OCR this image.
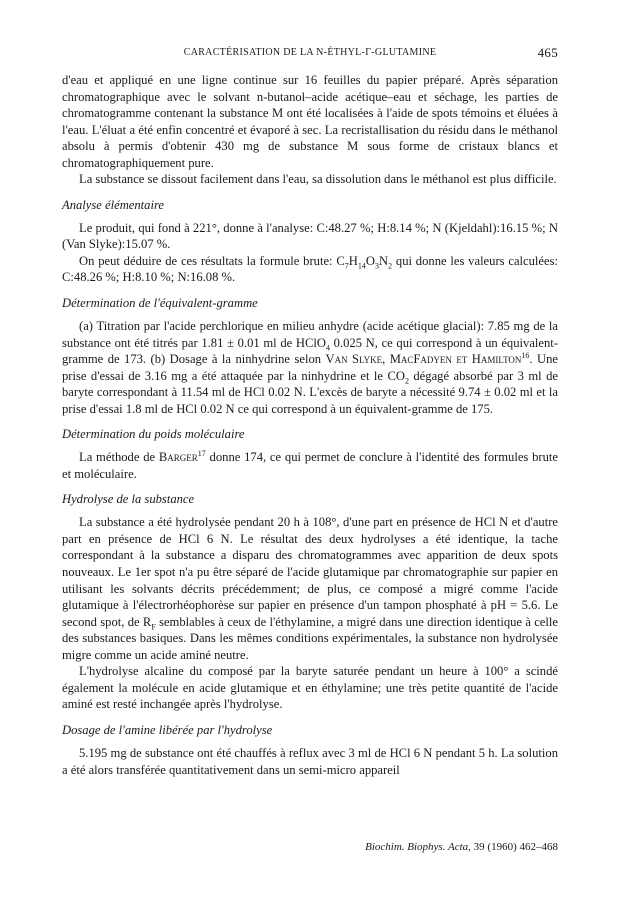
CARACTÉRISATION DE LA N-ÉTHYL-Γ-GLUTAMINE	465

d'eau et appliqué en une ligne continue sur 16 feuilles du papier préparé. Après séparation chromatographique avec le solvant n-butanol–acide acétique–eau et séchage, les parties de chromatogramme contenant la substance M ont été localisées à l'aide de spots témoins et éluées à l'eau. L'éluat a été enfin concentré et évaporé à sec. La recristallisation du résidu dans le méthanol absolu à permis d'obtenir 430 mg de substance M sous forme de cristaux blancs et chromatographiquement pure.

La substance se dissout facilement dans l'eau, sa dissolution dans le méthanol est plus difficile.

Analyse élémentaire

Le produit, qui fond à 221°, donne à l'analyse: C:48.27 %; H:8.14 %; N (Kjeldahl):16.15 %; N (Van Slyke):15.07 %.

On peut déduire de ces résultats la formule brute: $C_7H_{14}O_3N_2$ qui donne les valeurs calculées: C:48.26 %; H:8.10 %; N:16.08 %.

Détermination de l'équivalent-gramme

(a) Titration par l'acide perchlorique en milieu anhydre (acide acétique glacial): 7.85 mg de la substance ont été titrés par 1.81 ± 0.01 ml de HClO$_4$ 0.025 N, ce qui correspond à un équivalent-gramme de 173. (b) Dosage à la ninhydrine selon Van Slyke, MacFadyen et Hamilton$^{16}$. Une prise d'essai de 3.16 mg a été attaquée par la ninhydrine et le $CO_2$ dégagé absorbé par 3 ml de baryte correspondant à 11.54 ml de HCl 0.02 N. L'excès de baryte a nécessité 9.74 ± 0.02 ml et la prise d'essai 1.8 ml de HCl 0.02 N ce qui correspond à un équivalent-gramme de 175.

Détermination du poids moléculaire

La méthode de Barger$^{17}$ donne 174, ce qui permet de conclure à l'identité des formules brute et moléculaire.

Hydrolyse de la substance

La substance a été hydrolysée pendant 20 h à 108°, d'une part en présence de HCl N et d'autre part en présence de HCl 6 N. Le résultat des deux hydrolyses a été identique, la tache correspondant à la substance a disparu des chromatogrammes avec apparition de deux spots nouveaux. Le 1er spot n'a pu être séparé de l'acide glutamique par chromatographie sur papier en utilisant les solvants décrits précédemment; de plus, ce composé a migré comme l'acide glutamique à l'électrorhéophorèse sur papier en présence d'un tampon phosphaté à pH = 5.6. Le second spot, de $R_F$ semblables à ceux de l'éthylamine, a migré dans une direction identique à celle des substances basiques. Dans les mêmes conditions expérimentales, la substance non hydrolysée migre comme un acide aminé neutre.

L'hydrolyse alcaline du composé par la baryte saturée pendant un heure à 100° a scindé également la molécule en acide glutamique et en éthylamine; une très petite quantité de l'acide aminé est resté inchangée après l'hydrolyse.

Dosage de l'amine libérée par l'hydrolyse

5.195 mg de substance ont été chauffés à reflux avec 3 ml de HCl 6 N pendant 5 h. La solution a été alors transférée quantitativement dans un semi-micro appareil

Biochim. Biophys. Acta, 39 (1960) 462–468
